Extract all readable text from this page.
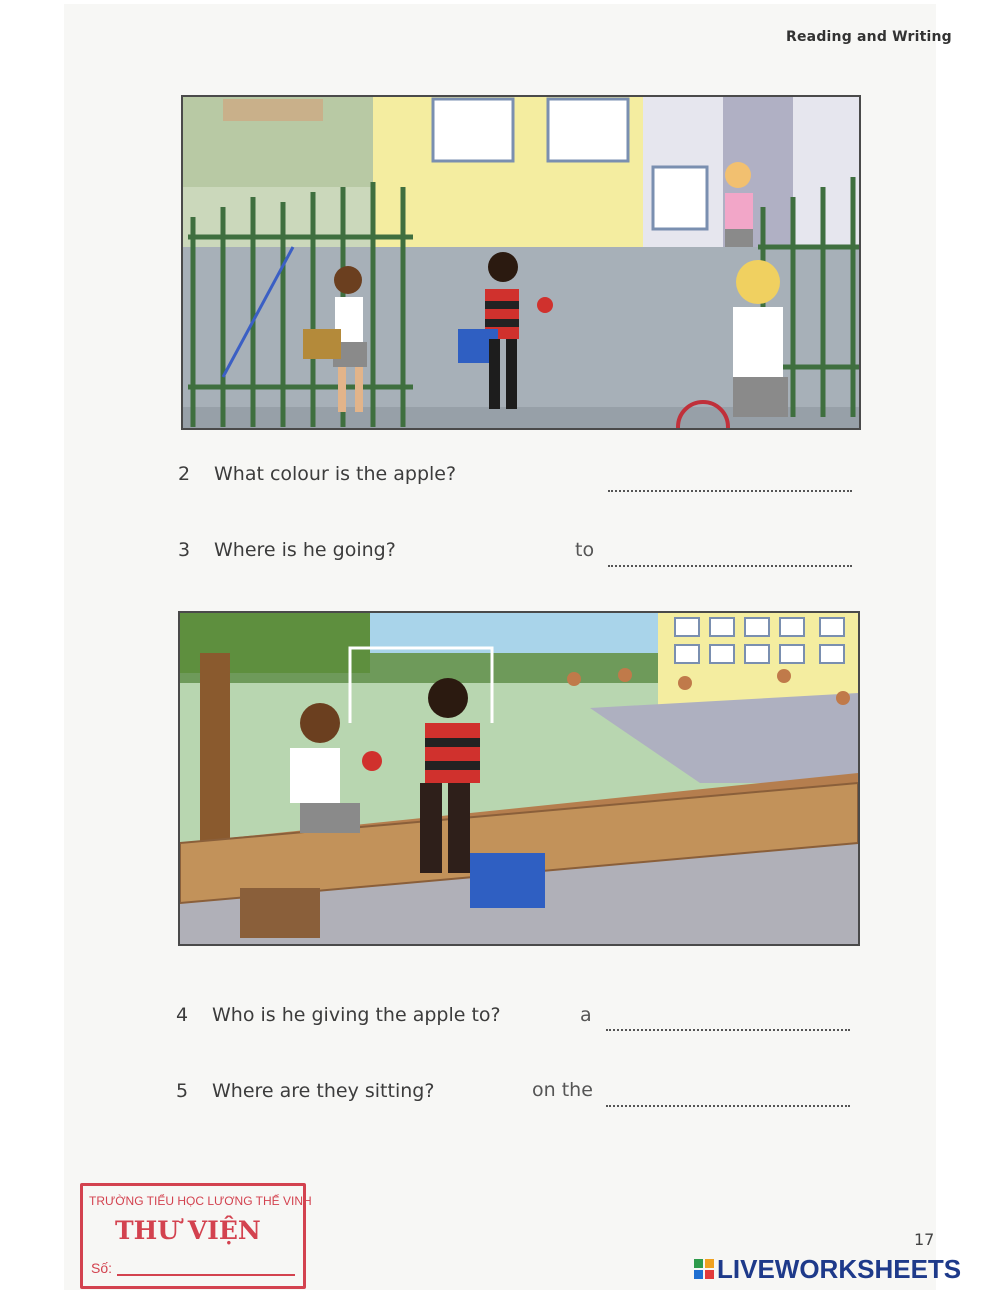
Reading and Writing
2 What colour is the apple?
3 Where is he going?	to
4 Who is he giving the apple to?	a
5 Where are they sitting?	on the
17
TRƯỜNG TIỂU HỌC LƯƠNG THẾ VINH
THƯ VIỆN
Số:	LIVEWORKSHEETS
